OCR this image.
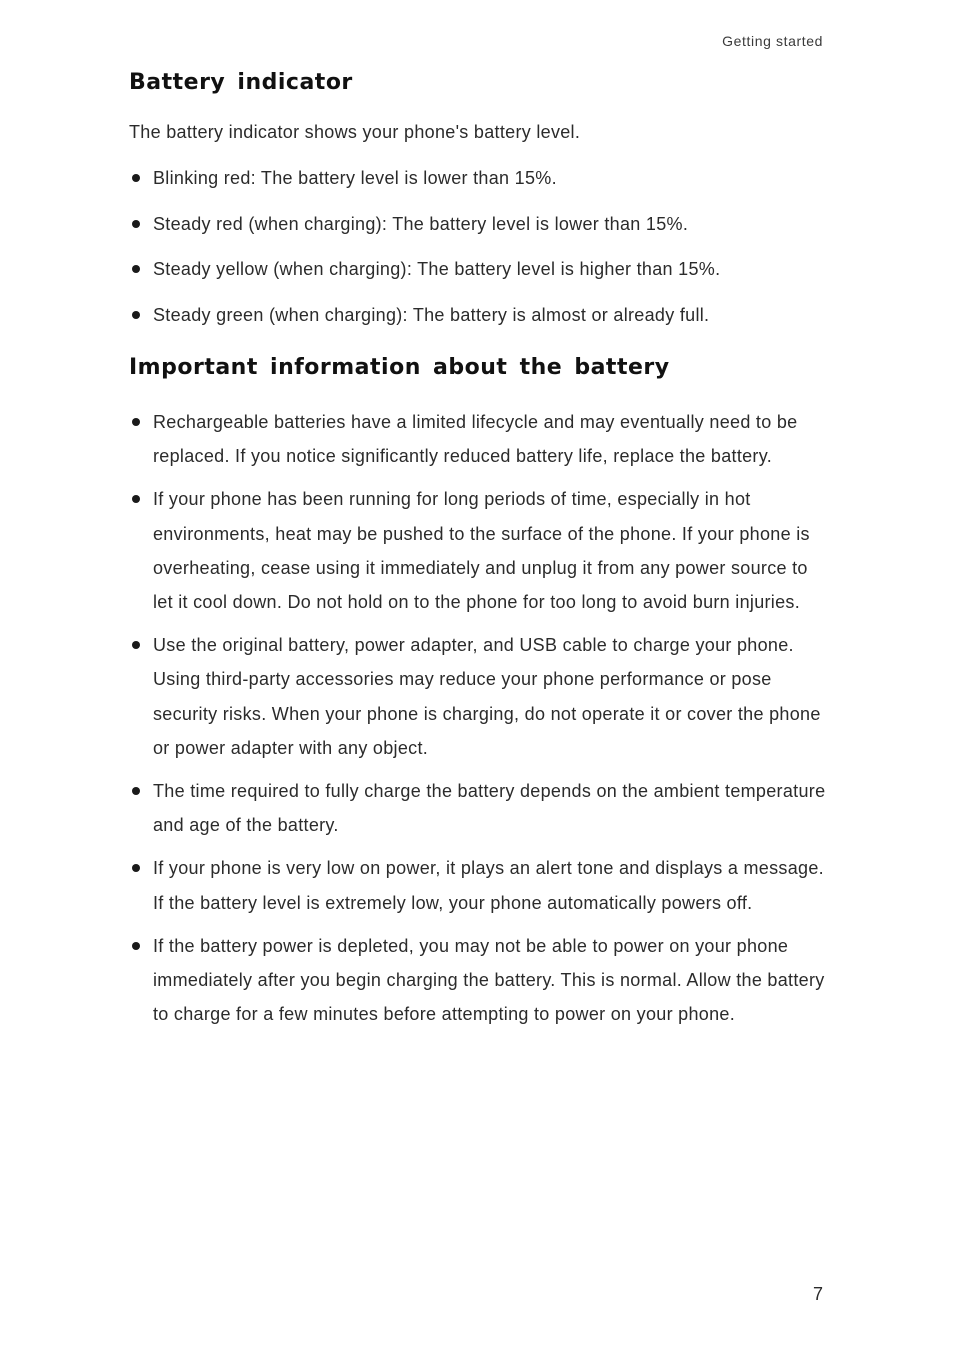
Getting started
Battery indicator

The battery indicator shows your phone's battery level.

Blinking red: The battery level is lower than 15%.
Steady red (when charging): The battery level is lower than 15%.
Steady yellow (when charging): The battery level is higher than 15%.
Steady green (when charging): The battery is almost or already full.
Important information about the battery
Rechargeable batteries have a limited lifecycle and may eventually need to be replaced. If you notice significantly reduced battery life, replace the battery.
If your phone has been running for long periods of time, especially in hot environments, heat may be pushed to the surface of the phone. If your phone is overheating, cease using it immediately and unplug it from any power source to let it cool down. Do not hold on to the phone for too long to avoid burn injuries.
Use the original battery, power adapter, and USB cable to charge your phone. Using third-party accessories may reduce your phone performance or pose security risks. When your phone is charging, do not operate it or cover the phone or power adapter with any object.
The time required to fully charge the battery depends on the ambient temperature and age of the battery.
If your phone is very low on power, it plays an alert tone and displays a message. If the battery level is extremely low, your phone automatically powers off.
If the battery power is depleted, you may not be able to power on your phone immediately after you begin charging the battery. This is normal. Allow the battery to charge for a few minutes before attempting to power on your phone.
7
